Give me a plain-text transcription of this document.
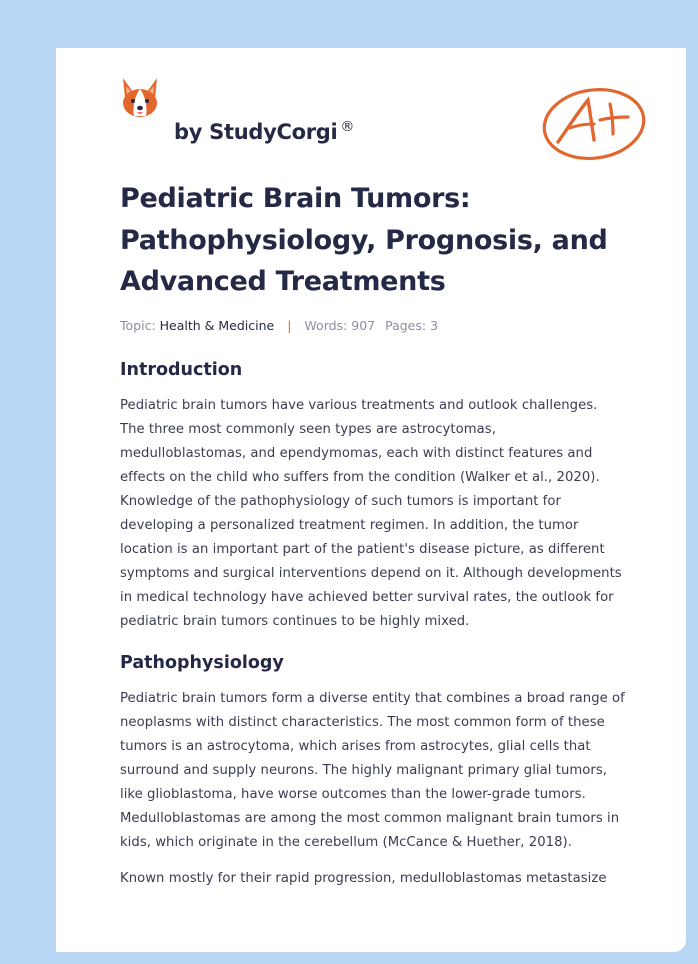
by StudyCorgi ®
Pediatric Brain Tumors: Pathophysiology, Prognosis, and Advanced Treatments
Topic: Health & Medicine | Words: 907 Pages: 3
Introduction

Pediatric brain tumors have various treatments and outlook challenges. The three most commonly seen types are astrocytomas, medulloblastomas, and ependymomas, each with distinct features and effects on the child who suffers from the condition (Walker et al., 2020). Knowledge of the pathophysiology of such tumors is important for developing a personalized treatment regimen. In addition, the tumor location is an important part of the patient's disease picture, as different symptoms and surgical interventions depend on it. Although developments in medical technology have achieved better survival rates, the outlook for pediatric brain tumors continues to be highly mixed.

Pathophysiology

Pediatric brain tumors form a diverse entity that combines a broad range of neoplasms with distinct characteristics. The most common form of these tumors is an astrocytoma, which arises from astrocytes, glial cells that surround and supply neurons. The highly malignant primary glial tumors, like glioblastoma, have worse outcomes than the lower-grade tumors. Medulloblastomas are among the most common malignant brain tumors in kids, which originate in the cerebellum (McCance & Huether, 2018).

Known mostly for their rapid progression, medulloblastomas metastasize
